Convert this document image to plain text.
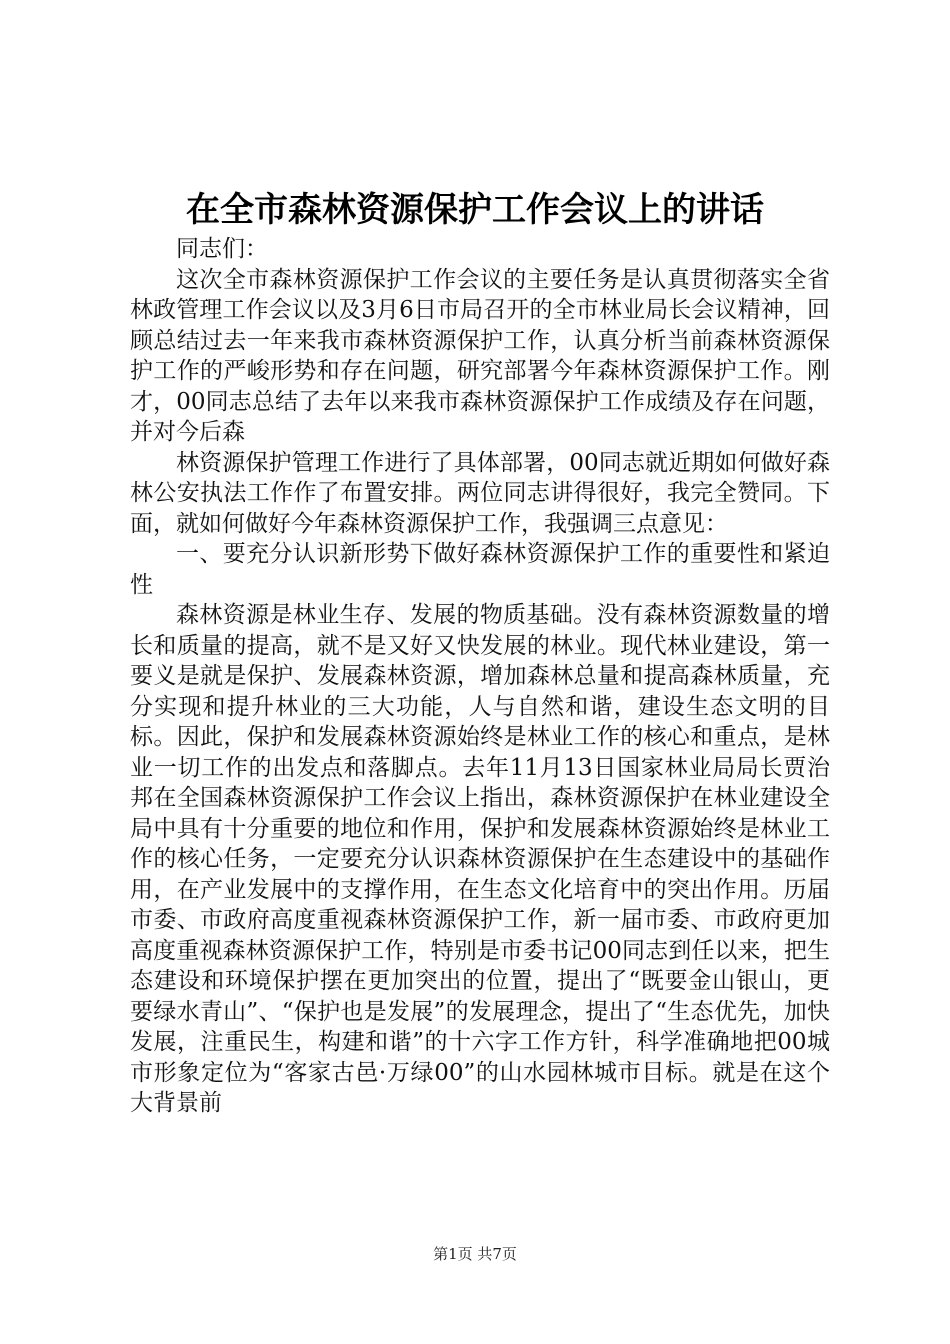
在全市森林资源保护工作会议上的讲话

同志们：

这次全市森林资源保护工作会议的主要任务是认真贯彻落实全省林政管理工作会议以及3月6日市局召开的全市林业局长会议精神，回顾总结过去一年来我市森林资源保护工作，认真分析当前森林资源保护工作的严峻形势和存在问题，研究部署今年森林资源保护工作。刚才，00同志总结了去年以来我市森林资源保护工作成绩及存在问题，并对今后森

林资源保护管理工作进行了具体部署，00同志就近期如何做好森林公安执法工作作了布置安排。两位同志讲得很好，我完全赞同。下面，就如何做好今年森林资源保护工作，我强调三点意见：

一、要充分认识新形势下做好森林资源保护工作的重要性和紧迫性

森林资源是林业生存、发展的物质基础。没有森林资源数量的增长和质量的提高，就不是又好又快发展的林业。现代林业建设，第一要义是就是保护、发展森林资源，增加森林总量和提高森林质量，充分实现和提升林业的三大功能，人与自然和谐，建设生态文明的目标。因此，保护和发展森林资源始终是林业工作的核心和重点，是林业一切工作的出发点和落脚点。去年11月13日国家林业局局长贾治邦在全国森林资源保护工作会议上指出，森林资源保护在林业建设全局中具有十分重要的地位和作用，保护和发展森林资源始终是林业工作的核心任务，一定要充分认识森林资源保护在生态建设中的基础作用，在产业发展中的支撑作用，在生态文化培育中的突出作用。历届市委、市政府高度重视森林资源保护工作，新一届市委、市政府更加高度重视森林资源保护工作，特别是市委书记00同志到任以来，把生态建设和环境保护摆在更加突出的位置，提出了“既要金山银山，更要绿水青山”、“保护也是发展”的发展理念，提出了“生态优先，加快发展，注重民生，构建和谐”的十六字工作方针，科学准确地把00城市形象定位为“客家古邑·万绿00”的山水园林城市目标。就是在这个大背景前

第1页 共7页
